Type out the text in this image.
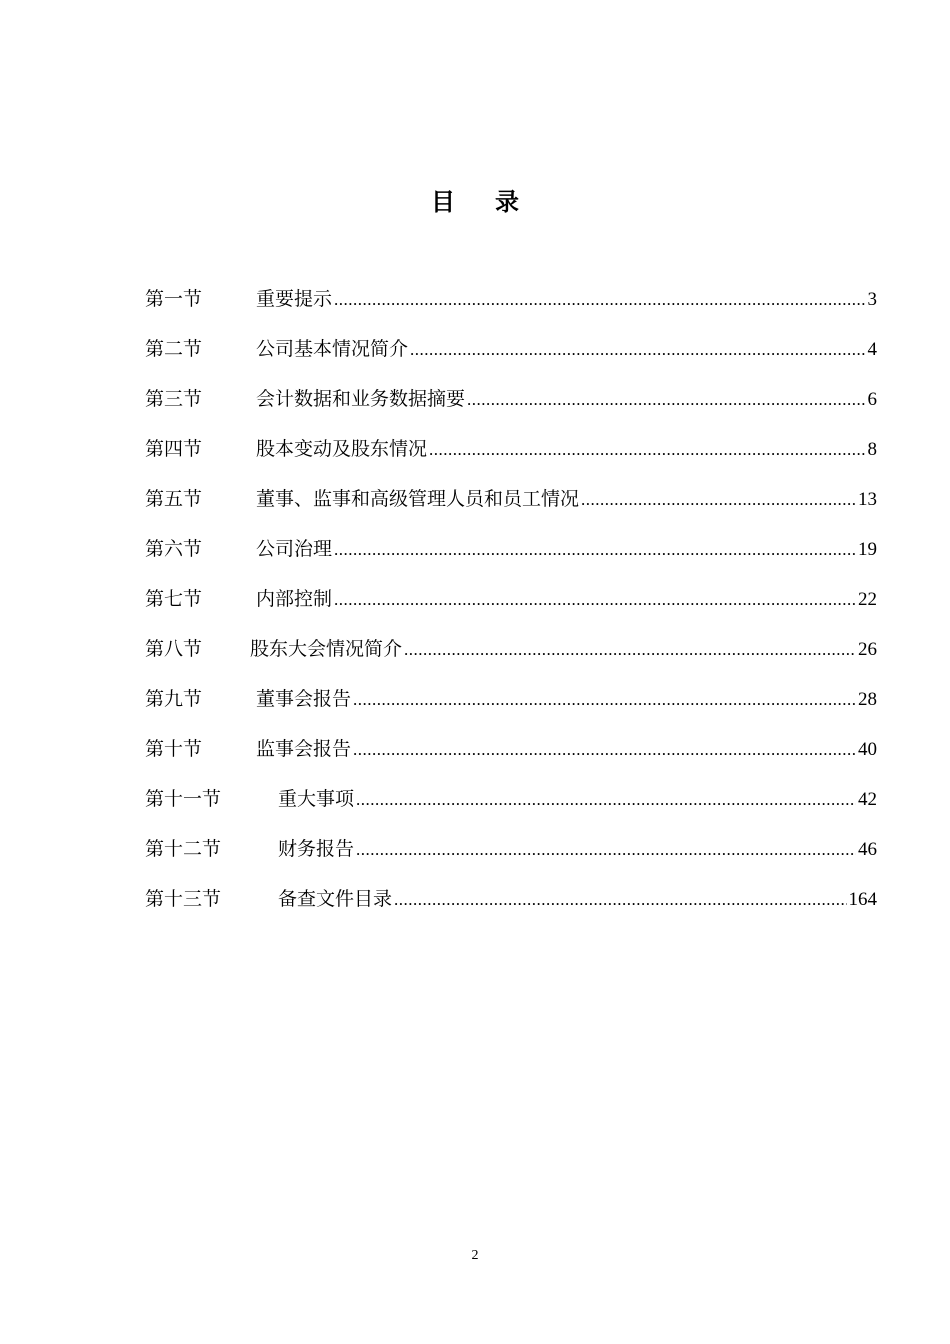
目 录
第一节	重要提示 .....	3
第二节	公司基本情况简介 .....	4
第三节	会计数据和业务数据摘要 .....	6
第四节	股本变动及股东情况 .....	8
第五节	董事、监事和高级管理人员和员工情况 .....	13
第六节	公司治理 .....	19
第七节	内部控制 .....	22
第八节	股东大会情况简介 .....	26
第九节	董事会报告 .....	28
第十节	监事会报告 .....	40
第十一节	重大事项 .....	42
第十二节	财务报告 .....	46
第十三节	备查文件目录 .....	164
2
